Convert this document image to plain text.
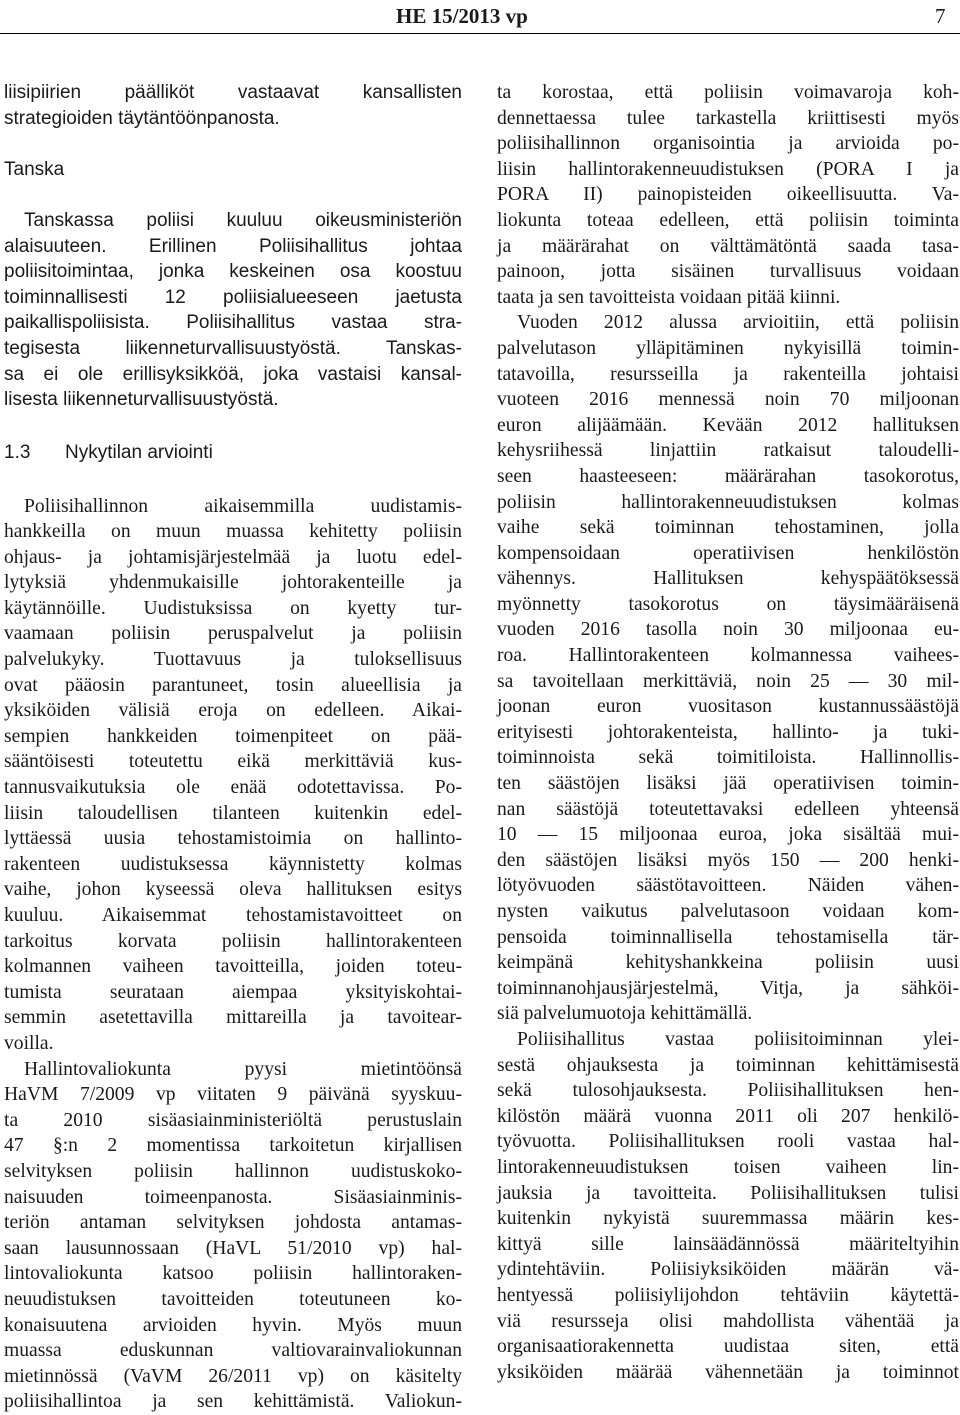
HE 15/2013 vp	7
liisipiirien päälliköt vastaavat kansallisten
strategioiden täytäntöönpanosta.
Tanska
Tanskassa poliisi kuuluu oikeusministeriön
alaisuuteen. Erillinen Poliisihallitus johtaa
poliisitoimintaa, jonka keskeinen osa koostuu
toiminnallisesti 12 poliisialueeseen jaetusta
paikallispoliisista. Poliisihallitus vastaa stra-
tegisesta liikenneturvallisuustyöstä. Tanskas-
sa ei ole erillisyksikköä, joka vastaisi kansal-
lisesta liikenneturvallisuustyöstä.
1.3 Nykytilan arviointi
Poliisihallinnon aikaisemmilla uudistamis-
hankkeilla on muun muassa kehitetty poliisin
ohjaus- ja johtamisjärjestelmää ja luotu edel-
lytyksiä yhdenmukaisille johtorakenteille ja
käytännöille. Uudistuksissa on kyetty tur-
vaamaan poliisin peruspalvelut ja poliisin
palvelukyky. Tuottavuus ja tuloksellisuus
ovat pääosin parantuneet, tosin alueellisia ja
yksiköiden välisiä eroja on edelleen. Aikai-
sempien hankkeiden toimenpiteet on pää-
sääntöisesti toteutettu eikä merkittäviä kus-
tannusvaikutuksia ole enää odotettavissa. Po-
liisin taloudellisen tilanteen kuitenkin edel-
lyttäessä uusia tehostamistoimia on hallinto-
rakenteen uudistuksessa käynnistetty kolmas
vaihe, johon kyseessä oleva hallituksen esitys
kuuluu. Aikaisemmat tehostamistavoitteet on
tarkoitus korvata poliisin hallintorakenteen
kolmannen vaiheen tavoitteilla, joiden toteu-
tumista seurataan aiempaa yksityiskohtai-
semmin asetettavilla mittareilla ja tavoitear-
voilla.
Hallintovaliokunta pyysi mietintöönsä
HaVM 7/2009 vp viitaten 9 päivänä syyskuu-
ta 2010 sisäasiainministeriöltä perustuslain
47 §:n 2 momentissa tarkoitetun kirjallisen
selvityksen poliisin hallinnon uudistuskoko-
naisuuden toimeenpanosta. Sisäasiainminis-
teriön antaman selvityksen johdosta antamas-
saan lausunnossaan (HaVL 51/2010 vp) hal-
lintovaliokunta katsoo poliisin hallintoraken-
neuudistuksen tavoitteiden toteutuneen ko-
konaisuutena arvioiden hyvin. Myös muun
muassa eduskunnan valtiovarainvaliokunnan
mietinnössä (VaVM 26/2011 vp) on käsitelty
poliisihallintoa ja sen kehittämistä. Valiokun-
ta korostaa, että poliisin voimavaroja koh-
dennettaessa tulee tarkastella kriittisesti myös
poliisihallinnon organisointia ja arvioida po-
liisin hallintorakenneuudistuksen (PORA I ja
PORA II) painopisteiden oikeellisuutta. Va-
liokunta toteaa edelleen, että poliisin toiminta
ja määrärahat on välttämätöntä saada tasa-
painoon, jotta sisäinen turvallisuus voidaan
taata ja sen tavoitteista voidaan pitää kiinni.
Vuoden 2012 alussa arvioitiin, että poliisin
palvelutason ylläpitäminen nykyisillä toimin-
tatavoilla, resursseilla ja rakenteilla johtaisi
vuoteen 2016 mennessä noin 70 miljoonan
euron alijäämään. Kevään 2012 hallituksen
kehysriihessä linjattiin ratkaisut taloudelli-
seen haasteeseen: määrärahan tasokorotus,
poliisin hallintorakenneuudistuksen kolmas
vaihe sekä toiminnan tehostaminen, jolla
kompensoidaan operatiivisen henkilöstön
vähennys. Hallituksen kehyspäätöksessä
myönnetty tasokorotus on täysimääräisenä
vuoden 2016 tasolla noin 30 miljoonaa eu-
roa. Hallintorakenteen kolmannessa vaihees-
sa tavoitellaan merkittäviä, noin 25 — 30 mil-
joonan euron vuositason kustannussäästöjä
erityisesti johtorakenteista, hallinto- ja tuki-
toiminnoista sekä toimitiloista. Hallinnollis-
ten säästöjen lisäksi jää operatiivisen toimin-
nan säästöjä toteutettavaksi edelleen yhteensä
10 — 15 miljoonaa euroa, joka sisältää mui-
den säästöjen lisäksi myös 150 — 200 henki-
lötyövuoden säästötavoitteen. Näiden vähen-
nysten vaikutus palvelutasoon voidaan kom-
pensoida toiminnallisella tehostamisella tär-
keimpänä kehityshankkeina poliisin uusi
toiminnanohjausjärjestelmä, Vitja, ja sähköi-
siä palvelumuotoja kehittämällä.
Poliisihallitus vastaa poliisitoiminnan ylei-
sestä ohjauksesta ja toiminnan kehittämisestä
sekä tulosohjauksesta. Poliisihallituksen hen-
kilöstön määrä vuonna 2011 oli 207 henkilö-
työvuotta. Poliisihallituksen rooli vastaa hal-
lintorakenneuudistuksen toisen vaiheen lin-
jauksia ja tavoitteita. Poliisihallituksen tulisi
kuitenkin nykyistä suuremmassa määrin kes-
kittyä sille lainsäädännössä määriteltyihin
ydintehtäviin. Poliisiyksiköiden määrän vä-
hentyessä poliisiylijohdon tehtäviin käytettä-
viä resursseja olisi mahdollista vähentää ja
organisaatiorakennetta uudistaa siten, että
yksiköiden määrää vähennetään ja toiminnot
